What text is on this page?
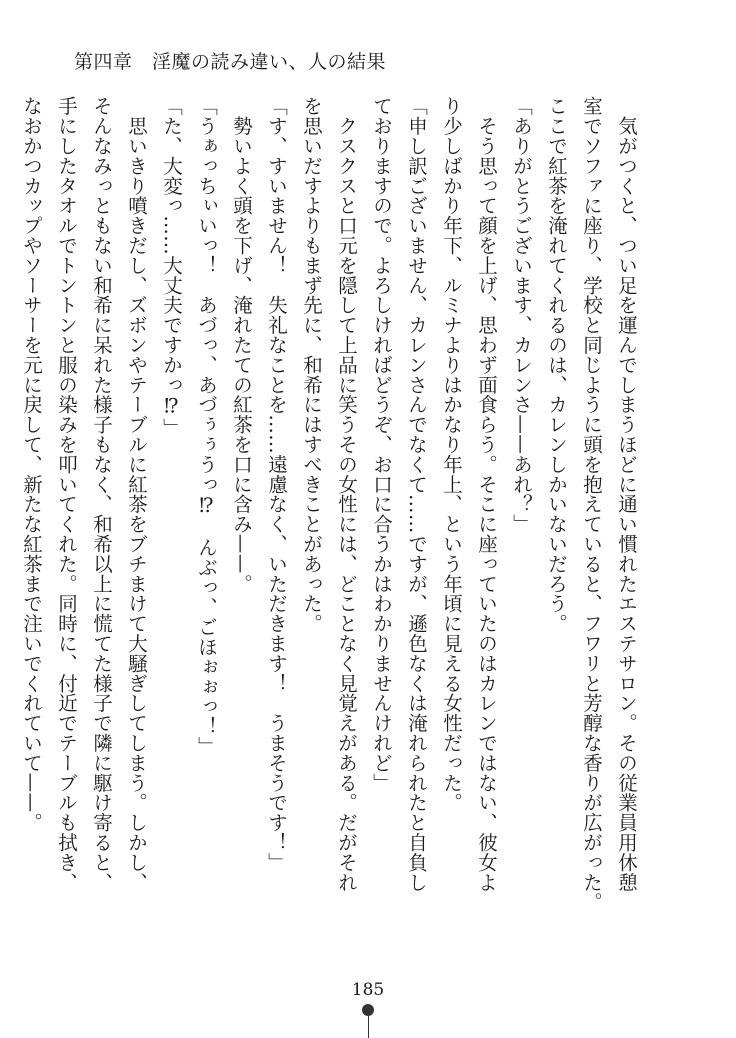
第四章　淫魔の読み違い、人の結果

　気がつくと、つい足を運んでしまうほどに通い慣れたエステサロン。その従業員用休憩

室でソファに座り、学校と同じように頭を抱えていると、フワリと芳醇な香りが広がった。

ここで紅茶を淹れてくれるのは、カレンしかいないだろう。

「ありがとうございます、カレンさ——あれ？」

　そう思って顔を上げ、思わず面食らう。そこに座っていたのはカレンではない、彼女よ

り少しばかり年下、ルミナよりはかなり年上、という年頃に見える女性だった。

「申し訳ございません、カレンさんでなくて……ですが、遜色なくは淹れられたと自負し

ておりますので。よろしければどうぞ、お口に合うかはわかりませんけれど」

　クスクスと口元を隠して上品に笑うその女性には、どことなく見覚えがある。だがそれ

を思いだすよりもまず先に、和希にはすべきことがあった。

「す、すいません！　失礼なことを……遠慮なく、いただきます！　うまそうです！」

　勢いよく頭を下げ、淹れたての紅茶を口に含み——。

「うぁっちぃいっ！　あづっ、あづぅぅうっ⁉　んぶっ、ごほぉぉっ！」

「た、大変っ……大丈夫ですかっ⁉」

　思いきり噴きだし、ズボンやテーブルに紅茶をブチまけて大騒ぎしてしまう。しかし、

そんなみっともない和希に呆れた様子もなく、和希以上に慌てた様子で隣に駆け寄ると、

手にしたタオルでトントンと服の染みを叩いてくれた。同時に、付近でテーブルも拭き、

なおかつカップやソーサーを元に戻して、新たな紅茶まで注いでくれていて——。

185
